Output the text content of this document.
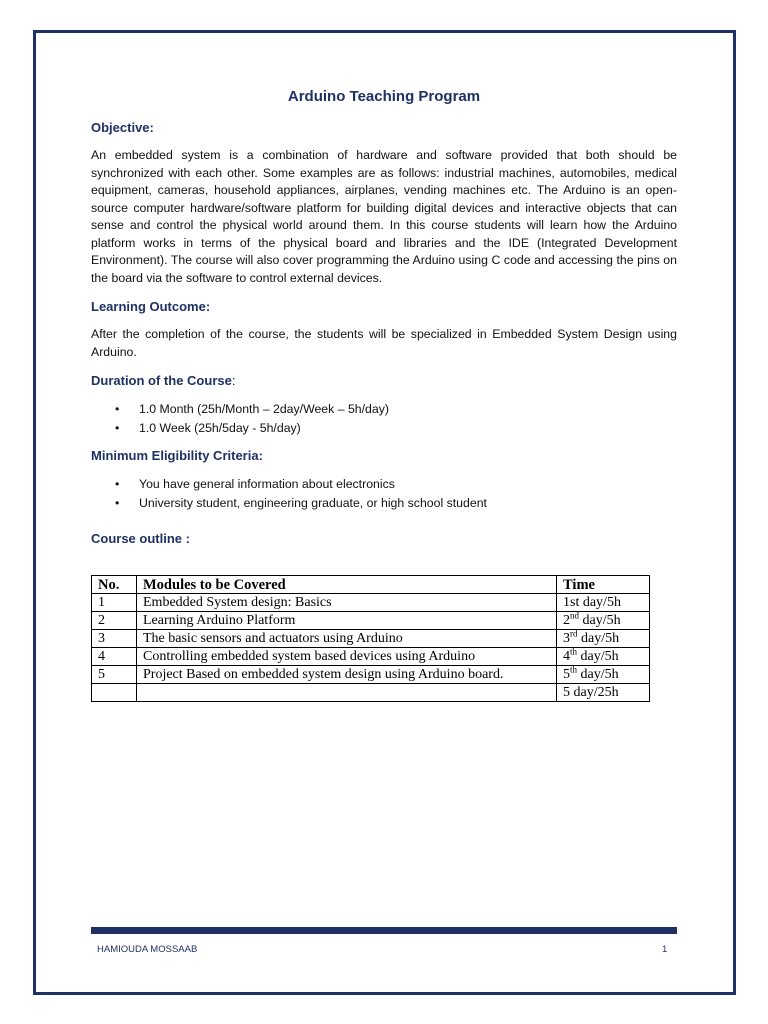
Arduino Teaching Program
Objective:
An embedded system is a combination of hardware and software provided that both should be synchronized with each other. Some examples are as follows: industrial machines, automobiles, medical equipment, cameras, household appliances, airplanes, vending machines etc. The Arduino is an open-source computer hardware/software platform for building digital devices and interactive objects that can sense and control the physical world around them. In this course students will learn how the Arduino platform works in terms of the physical board and libraries and the IDE (Integrated Development Environment). The course will also cover programming the Arduino using C code and accessing the pins on the board via the software to control external devices.
Learning Outcome:
After the completion of the course, the students will be specialized in Embedded System Design using Arduino.
Duration of the Course:
• 1.0 Month (25h/Month – 2day/Week – 5h/day)
• 1.0 Week (25h/5day - 5h/day)
Minimum Eligibility Criteria:
• You have general information about electronics
• University student, engineering graduate, or high school student
Course outline :
No.	Modules to be Covered	Time
1	Embedded System design: Basics	1st day/5h
2	Learning Arduino Platform	2nd day/5h
3	The basic sensors and actuators using Arduino	3rd day/5h
4	Controlling embedded system based devices using Arduino	4th day/5h
5	Project Based on embedded system design using Arduino board.	5th day/5h
		5 day/25h
HAMIOUDA MOSSAAB	1
